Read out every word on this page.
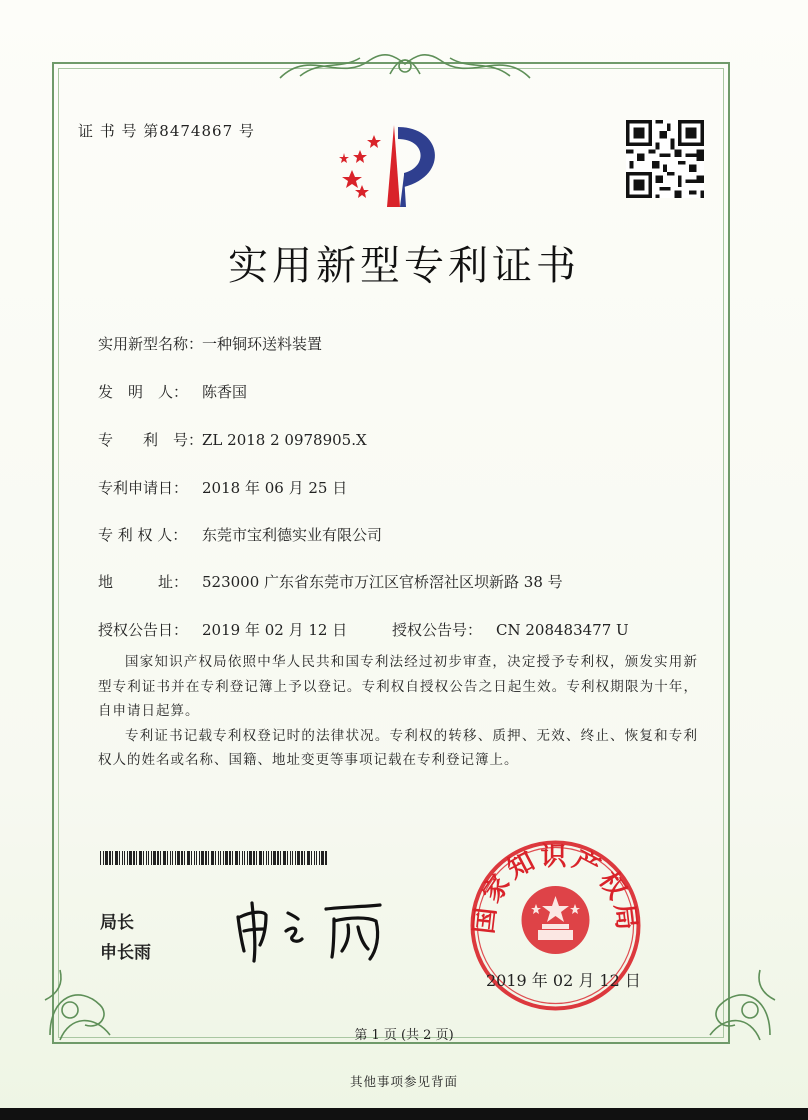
证 书 号 第8474867 号
实用新型专利证书
实用新型名称：一种铜环送料装置
发　明　人： 陈香国
专　　利　号：ZL 2018 2 0978905.X
专利申请日： 2018 年 06 月 25 日
专 利 权 人： 东莞市宝利德实业有限公司
地　　　址： 523000 广东省东莞市万江区官桥滘社区坝新路 38 号
授权公告日： 2019 年 02 月 12 日	授权公告号： CN 208483477 U

国家知识产权局依照中华人民共和国专利法经过初步审查，决定授予专利权，颁发实用新型专利证书并在专利登记簿上予以登记。专利权自授权公告之日起生效。专利权期限为十年，自申请日起算。

专利证书记载专利权登记时的法律状况。专利权的转移、质押、无效、终止、恢复和专利权人的姓名或名称、国籍、地址变更等事项记载在专利登记簿上。

局长
申长雨
国家知识产权局
2019 年 02 月 12 日
第 1 页 (共 2 页)
其他事项参见背面
